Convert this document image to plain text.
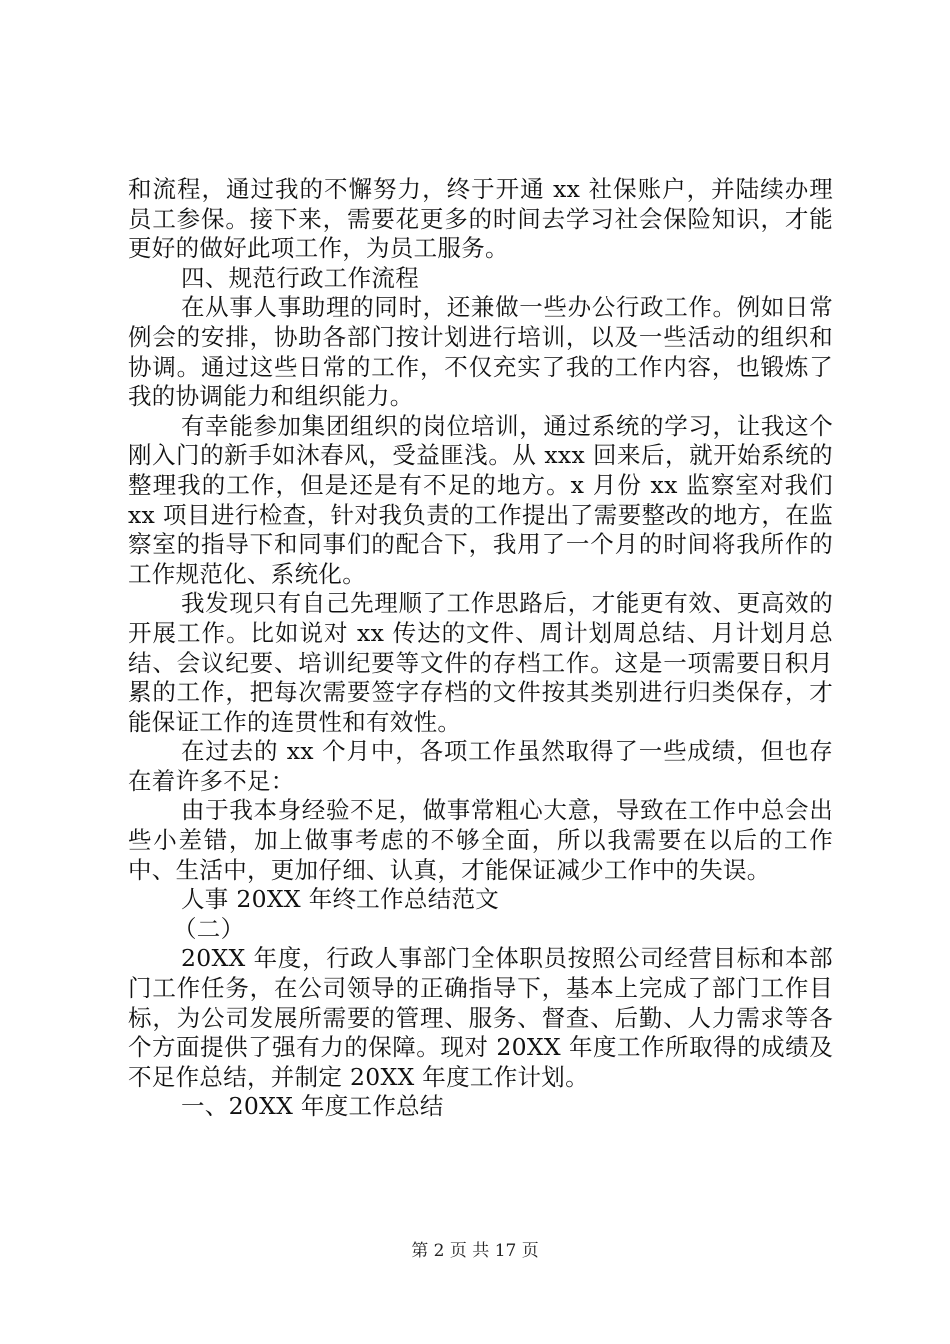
和流程，通过我的不懈努力，终于开通 xx 社保账户，并陆续办理员工参保。接下来，需要花更多的时间去学习社会保险知识，才能更好的做好此项工作，为员工服务。

四、规范行政工作流程

在从事人事助理的同时，还兼做一些办公行政工作。例如日常例会的安排，协助各部门按计划进行培训，以及一些活动的组织和协调。通过这些日常的工作，不仅充实了我的工作内容，也锻炼了我的协调能力和组织能力。

有幸能参加集团组织的岗位培训，通过系统的学习，让我这个刚入门的新手如沐春风，受益匪浅。从 xxx 回来后，就开始系统的整理我的工作，但是还是有不足的地方。x 月份 xx 监察室对我们 xx 项目进行检查，针对我负责的工作提出了需要整改的地方，在监察室的指导下和同事们的配合下，我用了一个月的时间将我所作的工作规范化、系统化。

我发现只有自己先理顺了工作思路后，才能更有效、更高效的开展工作。比如说对 xx 传达的文件、周计划周总结、月计划月总结、会议纪要、培训纪要等文件的存档工作。这是一项需要日积月累的工作，把每次需要签字存档的文件按其类别进行归类保存，才能保证工作的连贯性和有效性。

在过去的 xx 个月中，各项工作虽然取得了一些成绩，但也存在着许多不足：

由于我本身经验不足，做事常粗心大意，导致在工作中总会出些小差错，加上做事考虑的不够全面，所以我需要在以后的工作中、生活中，更加仔细、认真，才能保证减少工作中的失误。

人事 20XX 年终工作总结范文

（二）

20XX 年度，行政人事部门全体职员按照公司经营目标和本部门工作任务，在公司领导的正确指导下，基本上完成了部门工作目标，为公司发展所需要的管理、服务、督查、后勤、人力需求等各个方面提供了强有力的保障。现对 20XX 年度工作所取得的成绩及不足作总结，并制定 20XX 年度工作计划。

一、20XX 年度工作总结

第 2 页 共 17 页
